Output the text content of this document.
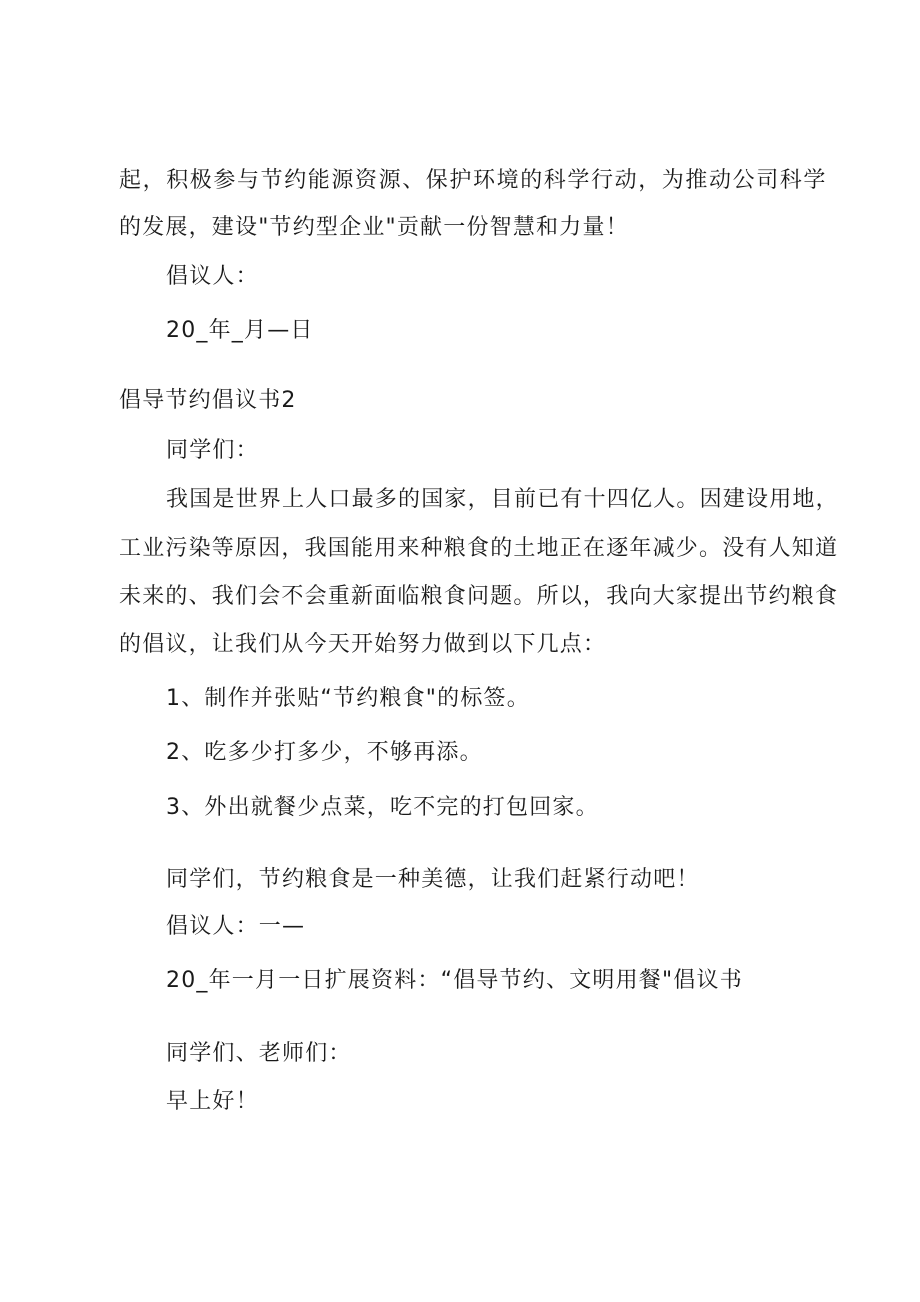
起，积极参与节约能源资源、保护环境的科学行动，为推动公司科学
的发展，建设"节约型企业"贡献一份智慧和力量！
倡议人：
20_年_月—日
倡导节约倡议书2
同学们：
我国是世界上人口最多的国家，目前已有十四亿人。因建设用地，
工业污染等原因，我国能用来种粮食的土地正在逐年减少。没有人知道
未来的、我们会不会重新面临粮食问题。所以，我向大家提出节约粮食
的倡议，让我们从今天开始努力做到以下几点：
1、制作并张贴“节约粮食"的标签。
2、吃多少打多少，不够再添。
3、外出就餐少点菜，吃不完的打包回家。
同学们，节约粮食是一种美德，让我们赶紧行动吧！
倡议人：一—
20_年一月一日扩展资料：“倡导节约、文明用餐"倡议书
同学们、老师们：
早上好！
